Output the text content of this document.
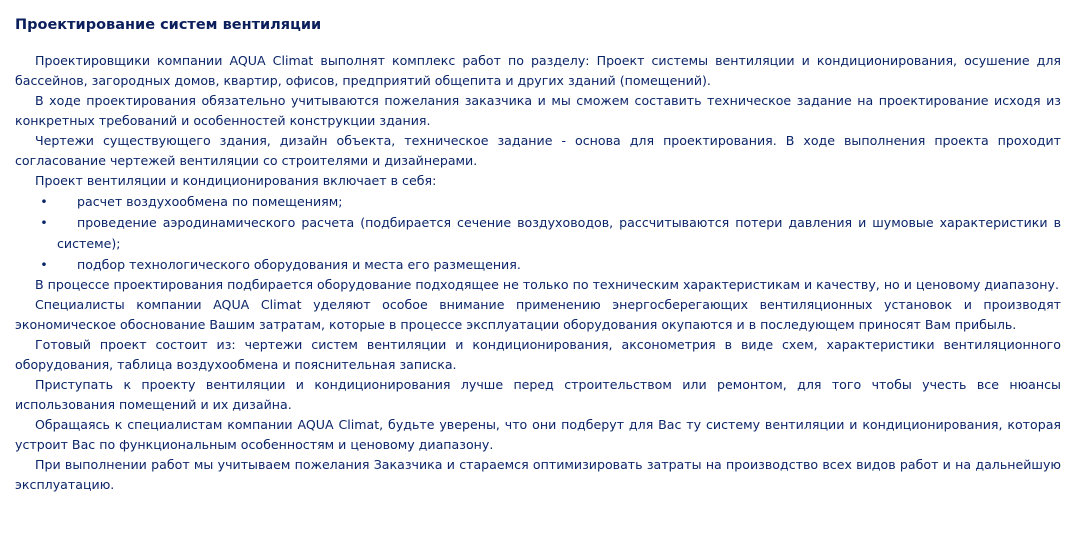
Проектирование систем вентиляции

Проектировщики компании AQUA Climat выполнят комплекс работ по разделу: Проект системы вентиляции и кондиционирования, осушение для бассейнов, загородных домов, квартир, офисов, предприятий общепита и других зданий (помещений).

В ходе проектирования обязательно учитываются пожелания заказчика и мы сможем составить техническое задание на проектирование исходя из конкретных требований и особенностей конструкции здания.

Чертежи существующего здания, дизайн объекта, техническое задание - основа для проектирования. В ходе выполнения проекта проходит согласование чертежей вентиляции со строителями и дизайнерами.

Проект вентиляции и кондиционирования включает в себя:

• расчет воздухообмена по помещениям;
• проведение аэродинамического расчета (подбирается сечение воздуховодов, рассчитываются потери давления и шумовые характеристики в системе);
• подбор технологического оборудования и места его размещения.

В процессе проектирования подбирается оборудование подходящее не только по техническим характеристикам и качеству, но и ценовому диапазону.

Специалисты компании AQUA Climat уделяют особое внимание применению энергосберегающих вентиляционных установок и производят экономическое обоснование Вашим затратам, которые в процессе эксплуатации оборудования окупаются и в последующем приносят Вам прибыль.

Готовый проект состоит из: чертежи систем вентиляции и кондиционирования, аксонометрия в виде схем, характеристики вентиляционного оборудования, таблица воздухообмена и пояснительная записка.

Приступать к проекту вентиляции и кондиционирования лучше перед строительством или ремонтом, для того чтобы учесть все нюансы использования помещений и их дизайна.

Обращаясь к специалистам компании AQUA Climat, будьте уверены, что они подберут для Вас ту систему вентиляции и кондиционирования, которая устроит Вас по функциональным особенностям и ценовому диапазону.

При выполнении работ мы учитываем пожелания Заказчика и стараемся оптимизировать затраты на производство всех видов работ и на дальнейшую эксплуатацию.
